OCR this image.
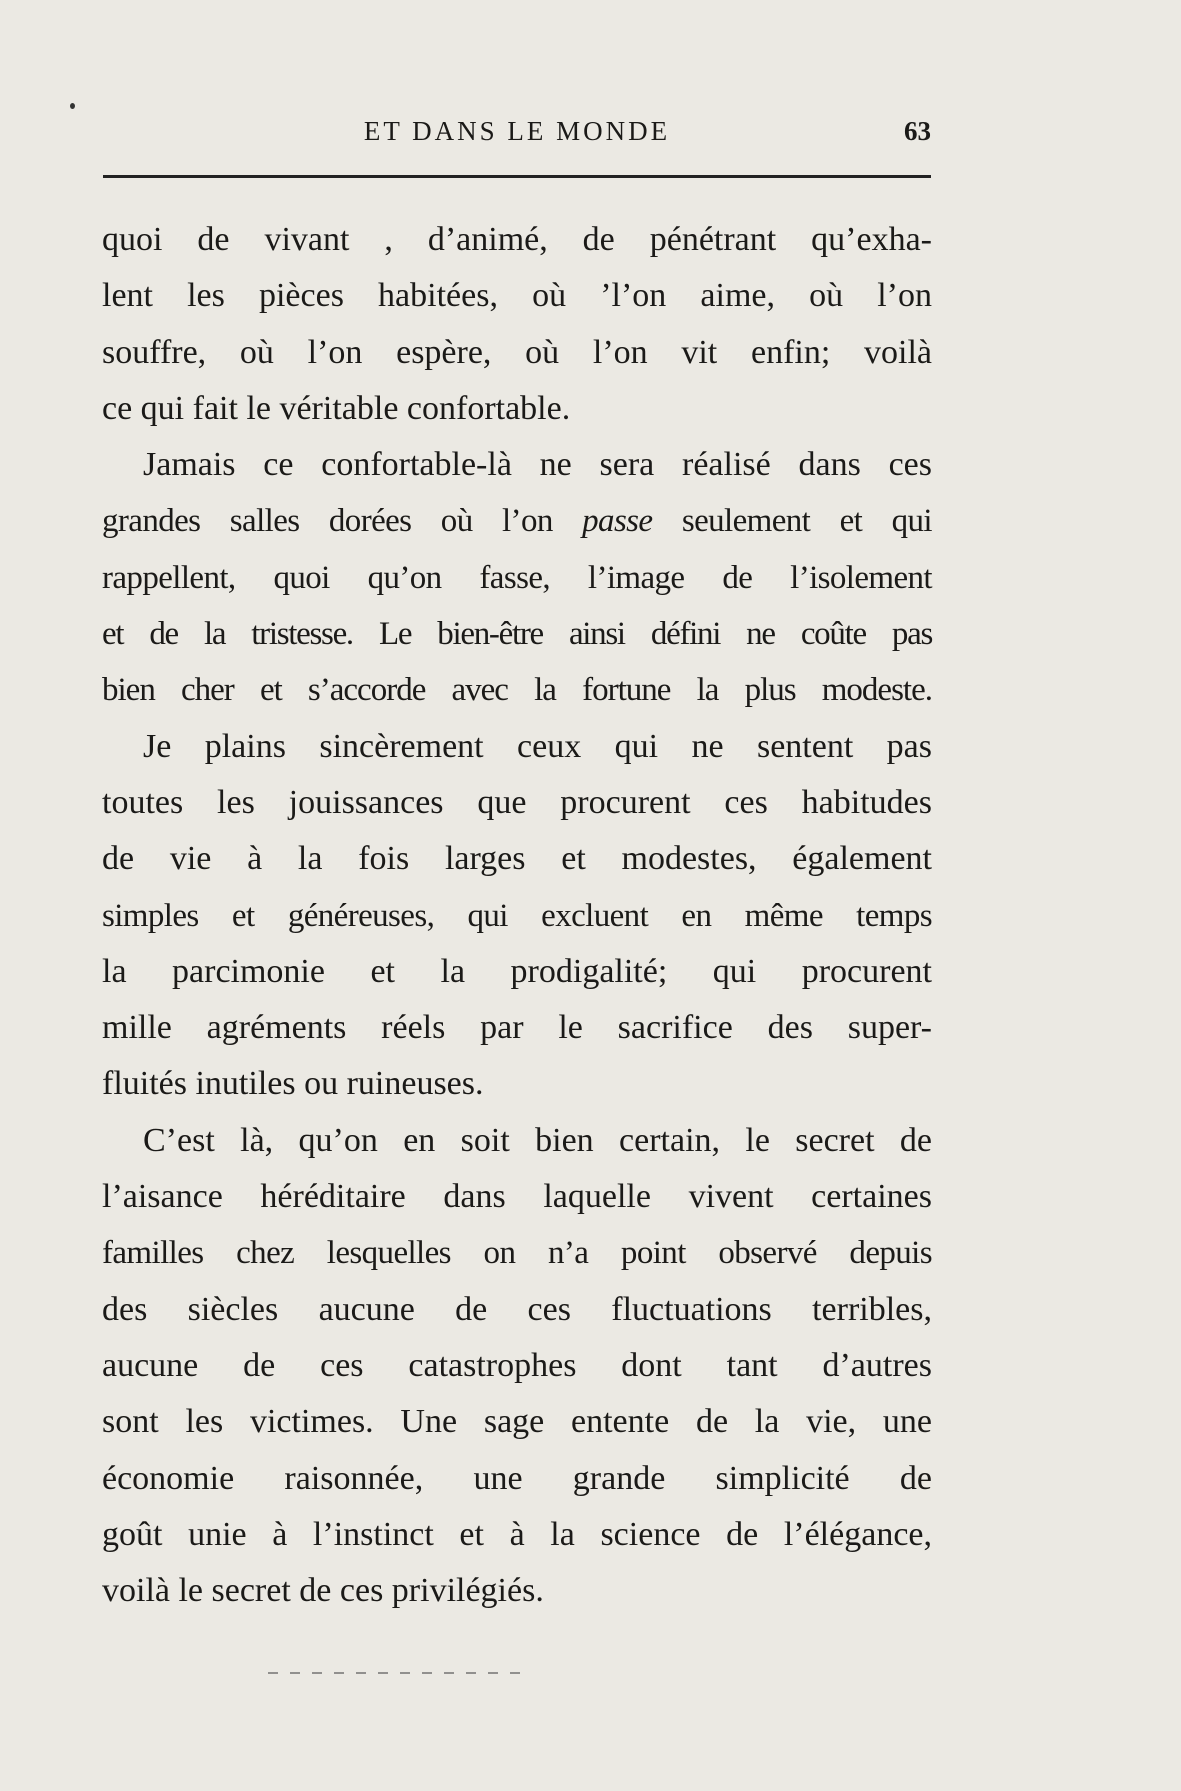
ET DANS LE MONDE	63
quoi de vivant , d’animé, de pénétrant qu’exha-
lent les pièces habitées, où ’l’on aime, où l’on
souffre, où l’on espère, où l’on vit enfin; voilà
ce qui fait le véritable confortable.
Jamais ce confortable-là ne sera réalisé dans ces
grandes salles dorées où l’on passe seulement et qui
rappellent, quoi qu’on fasse, l’image de l’isolement
et de la tristesse. Le bien-être ainsi défini ne coûte pas
bien cher et s’accorde avec la fortune la plus modeste.
Je plains sincèrement ceux qui ne sentent pas
toutes les jouissances que procurent ces habitudes
de vie à la fois larges et modestes, également
simples et généreuses, qui excluent en même temps
la parcimonie et la prodigalité; qui procurent
mille agréments réels par le sacrifice des super-
fluités inutiles ou ruineuses.
C’est là, qu’on en soit bien certain, le secret de
l’aisance héréditaire dans laquelle vivent certaines
familles chez lesquelles on n’a point observé depuis
des siècles aucune de ces fluctuations terribles,
aucune de ces catastrophes dont tant d’autres
sont les victimes. Une sage entente de la vie, une
économie raisonnée, une grande simplicité de
goût unie à l’instinct et à la science de l’élégance,
voilà le secret de ces privilégiés.
